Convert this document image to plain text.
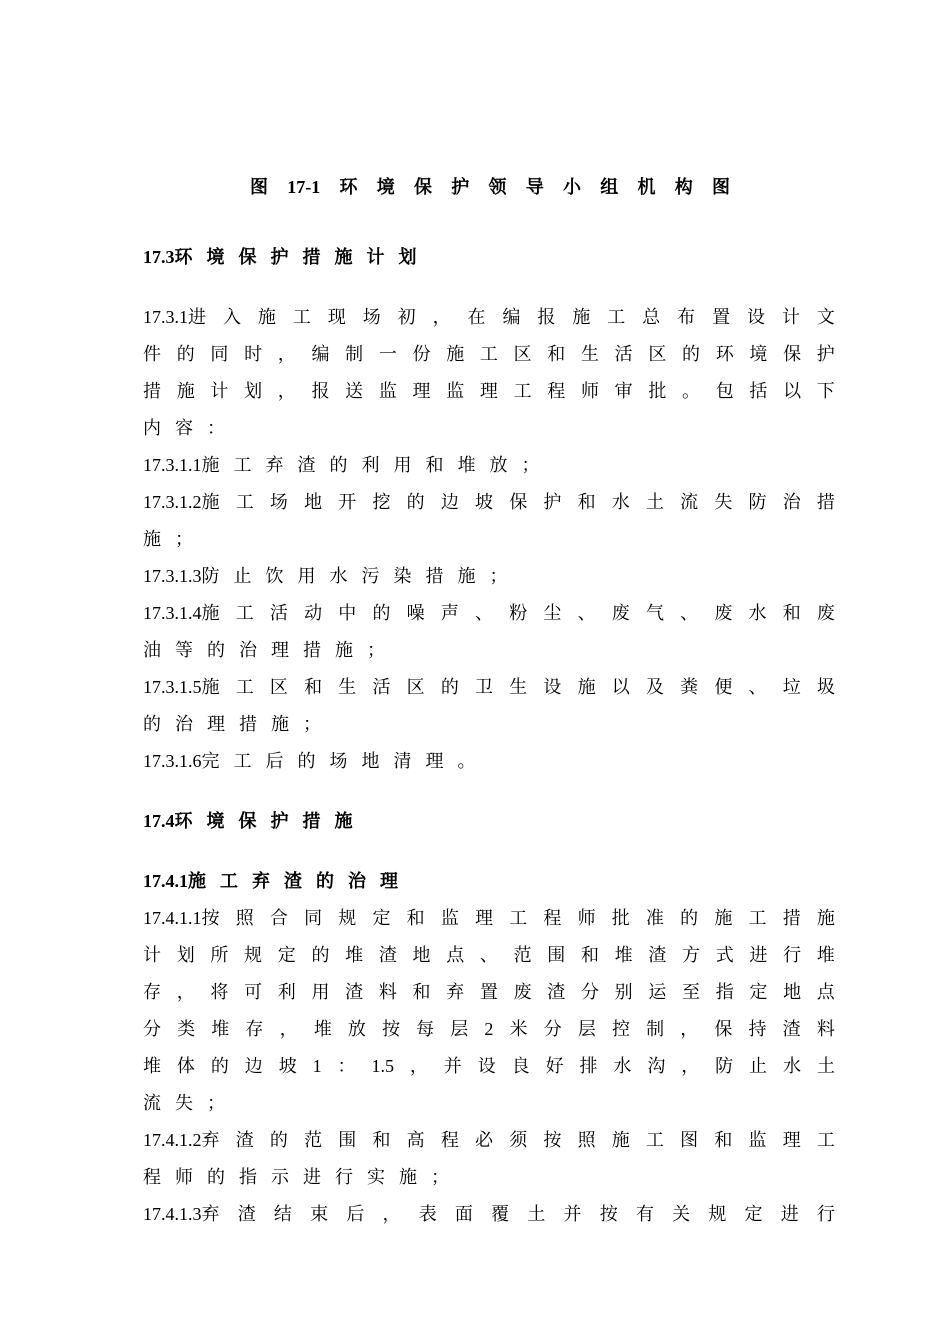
图 17-1 环 境 保 护 领 导 小 组 机 构 图
17.3环 境 保 护 措 施 计 划
17.3.1进 入 施 工 现 场 初 ， 在 编 报 施 工 总 布 置 设 计 文
件 的 同 时 ， 编 制 一 份 施 工 区 和 生 活 区 的 环 境 保 护
措 施 计 划 ， 报 送 监 理 监 理 工 程 师 审 批 。 包 括 以 下
内 容 ：
17.3.1.1施 工 弃 渣 的 利 用 和 堆 放 ；
17.3.1.2施 工 场 地 开 挖 的 边 坡 保 护 和 水 土 流 失 防 治 措
施 ；
17.3.1.3防 止 饮 用 水 污 染 措 施 ；
17.3.1.4施 工 活 动 中 的 噪 声 、 粉 尘 、 废 气 、 废 水 和 废
油 等 的 治 理 措 施 ；
17.3.1.5施 工 区 和 生 活 区 的 卫 生 设 施 以 及 粪 便 、 垃 圾
的 治 理 措 施 ；
17.3.1.6完 工 后 的 场 地 清 理 。
17.4环 境 保 护 措 施
17.4.1施 工 弃 渣 的 治 理
17.4.1.1按 照 合 同 规 定 和 监 理 工 程 师 批 准 的 施 工 措 施
计 划 所 规 定 的 堆 渣 地 点 、 范 围 和 堆 渣 方 式 进 行 堆
存 ， 将 可 利 用 渣 料 和 弃 置 废 渣 分 别 运 至 指 定 地 点
分 类 堆 存 ， 堆 放 按 每 层 2 米 分 层 控 制 ， 保 持 渣 料
堆 体 的 边 坡 1 ： 1.5 ， 并 设 良 好 排 水 沟 ， 防 止 水 土
流 失 ；
17.4.1.2弃 渣 的 范 围 和 高 程 必 须 按 照 施 工 图 和 监 理 工
程 师 的 指 示 进 行 实 施 ；
17.4.1.3弃 渣 结 束 后 ， 表 面 覆 土 并 按 有 关 规 定 进 行
